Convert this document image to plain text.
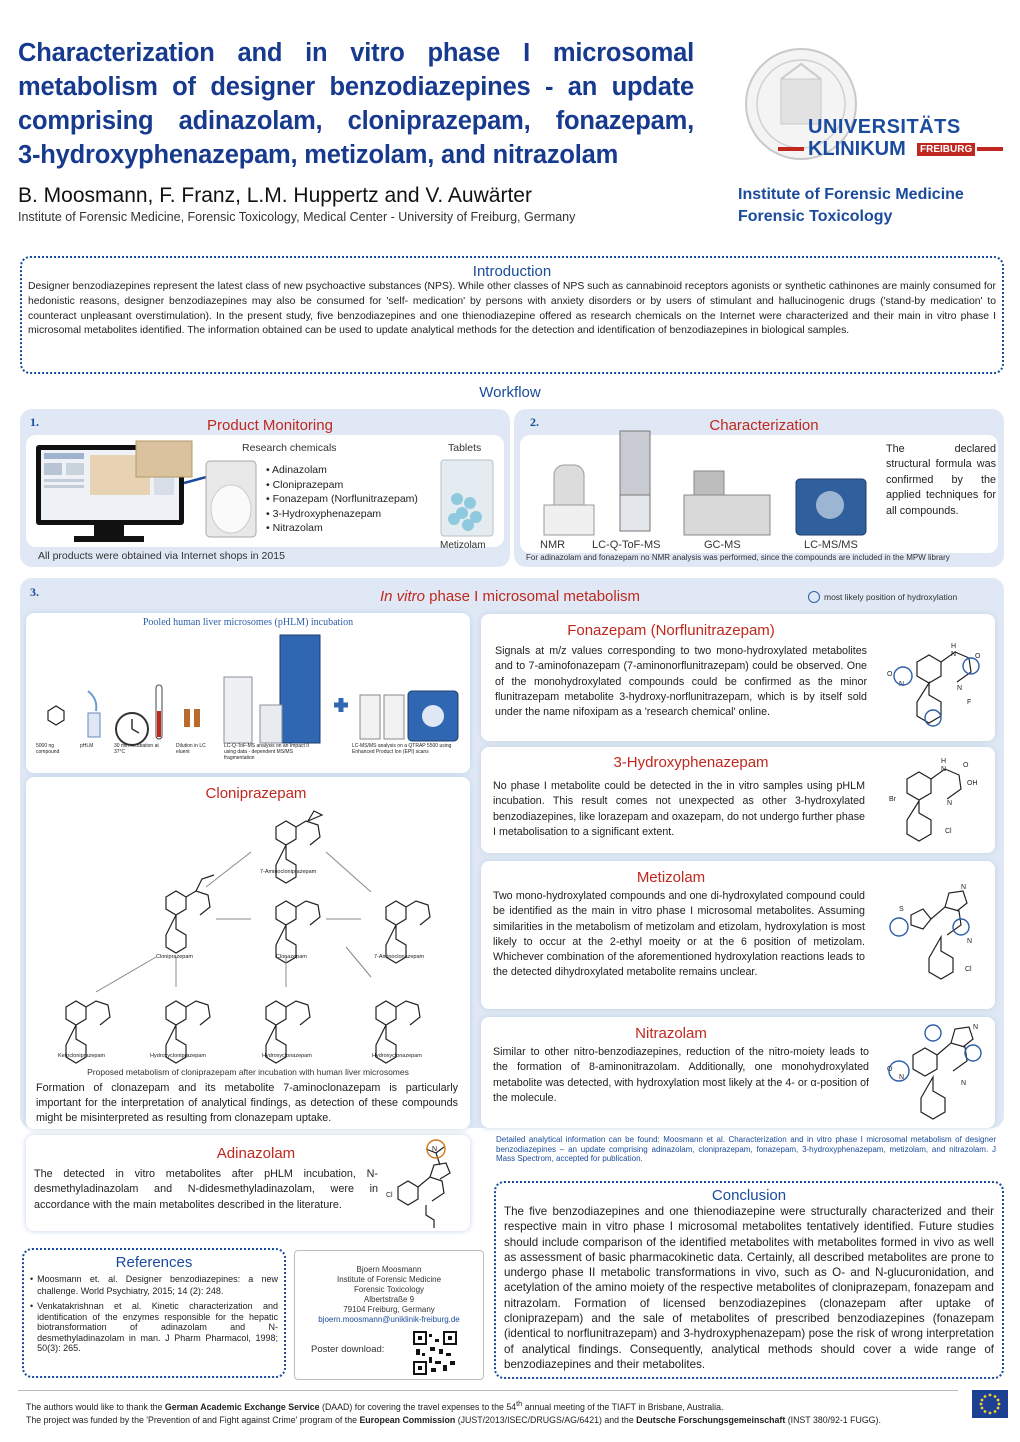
Characterization and in vitro phase I microsomal
metabolism of designer benzodiazepines - an update
comprising adinazolam, cloniprazepam, fonazepam,
3-hydroxyphenazepam, metizolam, and nitrazolam
B. Moosmann, F. Franz, L.M. Huppertz and V. Auwärter
Institute of Forensic Medicine, Forensic Toxicology, Medical Center - University of Freiburg, Germany
UNIVERSITÄTS
KLINIKUM	FREIBURG
Institute of Forensic Medicine
Forensic Toxicology
Introduction
Designer benzodiazepines represent the latest class of new psychoactive substances (NPS). While other classes of NPS such as cannabinoid receptors agonists or synthetic cathinones are mainly consumed for hedonistic reasons, designer benzodiazepines may also be consumed for 'self- medication' by persons with anxiety disorders or by users of stimulant and hallucinogenic drugs ('stand-by medication' to counteract unpleasant overstimulation). In the present study, five benzodiazepines and one thienodiazepine offered as research chemicals on the Internet were characterized and their main in vitro phase I microsomal metabolites identified. The information obtained can be used to update analytical methods for the detection and identification of benzodiazepines in biological samples.
Workflow
1.	Product Monitoring
Research chemicals	Tablets
• Adinazolam
• Cloniprazepam
• Fonazepam (Norflunitrazepam)
• 3-Hydroxyphenazepam
• Nitrazolam
Metizolam
All products were obtained via Internet shops in 2015
2.	Characterization
NMR LC-Q-ToF-MS	GC-MS	LC-MS/MS
The declared structural formula was confirmed by the applied techniques for all compounds.
For adinazolam and fonazepam no NMR analysis was performed, since the compounds are included in the MPW library
3.	In vitro phase I microsomal metabolism	most likely position of hydroxylation
Pooled human liver microsomes (pHLM) incubation
5000 ng compound
pHLM	30 min incubation at 37°C
Dilution in LC eluent
LC-Q-ToF-MS analysis on an Impact II using data - dependent MS/MS fragmentation
LC-MS/MS analysis on a QTRAP 5500 using Enhanced Product Ion (EPI) scans
Cloniprazepam
7-Aminocloniprazepam
Cloniprazepam	Clonazepam	7-Aminoclonazepam
Ketocloniprazepam	Hydroxycloniprazepam	Hydroxyclonazepam	Hydroxyclonazepam
Proposed metabolism of cloniprazepam after incubation with human liver microsomes
Formation of clonazepam and its metabolite 7-aminoclonazepam is particularly important for the interpretation of analytical findings, as detection of these compounds might be misinterpreted as resulting from clonazepam uptake.
Fonazepam (Norflunitrazepam)
Signals at m/z values corresponding to two mono-hydroxylated metabolites and to 7-aminofonazepam (7-aminonorflunitrazepam) could be observed. One of the monohydroxylated compounds could be confirmed as the minor flunitrazepam metabolite 3-hydroxy-norflunitrazepam, which is by itself sold under the name nifoxipam as a 'research chemical' online.
H
N	O
O
N
N
F
3-Hydroxyphenazepam
No phase I metabolite could be detected in the in vitro samples using pHLM incubation. This result comes not unexpected as other 3-hydroxylated benzodiazepines, like lorazepam and oxazepam, do not undergo further phase I metabolisation to a significant extent.
H
N
O
OH
Br
N
Cl
Metizolam
Two mono-hydroxylated compounds and one di-hydroxylated compound could be identified as the main in vitro phase I microsomal metabolites. Assuming similarities in the metabolism of metizolam and etizolam, hydroxylation is most likely to occur at the 2-ethyl moeity or at the 6 position of metizolam. Whichever combination of the aforementioned hydroxylation reactions leads to the detected dihydroxylated metabolite remains unclear.
S
N
N
Cl
Nitrazolam
Similar to other nitro-benzodiazepines, reduction of the nitro-moiety leads to the formation of 8-aminonitrazolam. Additionally, one monohydroxylated metabolite was detected, with hydroxylation most likely at the 4- or α-position of the molecule.
O
N
N
N
Adinazolam
The detected in vitro metabolites after pHLM incubation, N-desmethyladinazolam and N-didesmethyladinazolam, were in accordance with the main metabolites described in the literature.
Cl
N
Detailed analytical information can be found: Moosmann et al. Characterization and in vitro phase I microsomal metabolism of designer benzodiazepines – an update comprising adinazolam, cloniprazepam, fonazepam, 3-hydroxyphenazepam, metizolam, and nitrazolam. J Mass Spectrom, accepted for publication.
Conclusion
The five benzodiazepines and one thienodiazepine were structurally characterized and their respective main in vitro phase I microsomal metabolites tentatively identified. Future studies should include comparison of the identified metabolites with metabolites formed in vivo as well as assessment of basic pharmacokinetic data. Certainly, all described metabolites are prone to undergo phase II metabolic transformations in vivo, such as O- and N-glucuronidation, and acetylation of the amino moiety of the respective metabolites of cloniprazepam, fonazepam and nitrazolam. Formation of licensed benzodiazepines (clonazepam after uptake of cloniprazepam) and the sale of metabolites of prescribed benzodiazepines (fonazepam (identical to norflunitrazepam) and 3-hydroxyphenazepam) pose the risk of wrong interpretation of analytical findings. Consequently, analytical methods should cover a wide range of benzodiazepines and their metabolites.
References
• Moosmann et. al. Designer benzodiazepines: a new challenge. World Psychiatry, 2015; 14 (2): 248.
• Venkatakrishnan et al. Kinetic characterization and identification of the enzymes responsible for the hepatic biotransformation of adinazolam and N-desmethyladinazolam in man. J Pharm Pharmacol, 1998; 50(3): 265.
Bjoern Moosmann
Institute of Forensic Medicine
Forensic Toxicology
Albertstraße 9
79104 Freiburg, Germany
bjoern.moosmann@uniklinik-freiburg.de
Poster download:
The authors would like to thank the German Academic Exchange Service (DAAD) for covering the travel expenses to the 54th annual meeting of the TIAFT in Brisbane, Australia.
The project was funded by the 'Prevention of and Fight against Crime' program of the European Commission (JUST/2013/ISEC/DRUGS/AG/6421) and the Deutsche Forschungsgemeinschaft (INST 380/92-1 FUGG).
